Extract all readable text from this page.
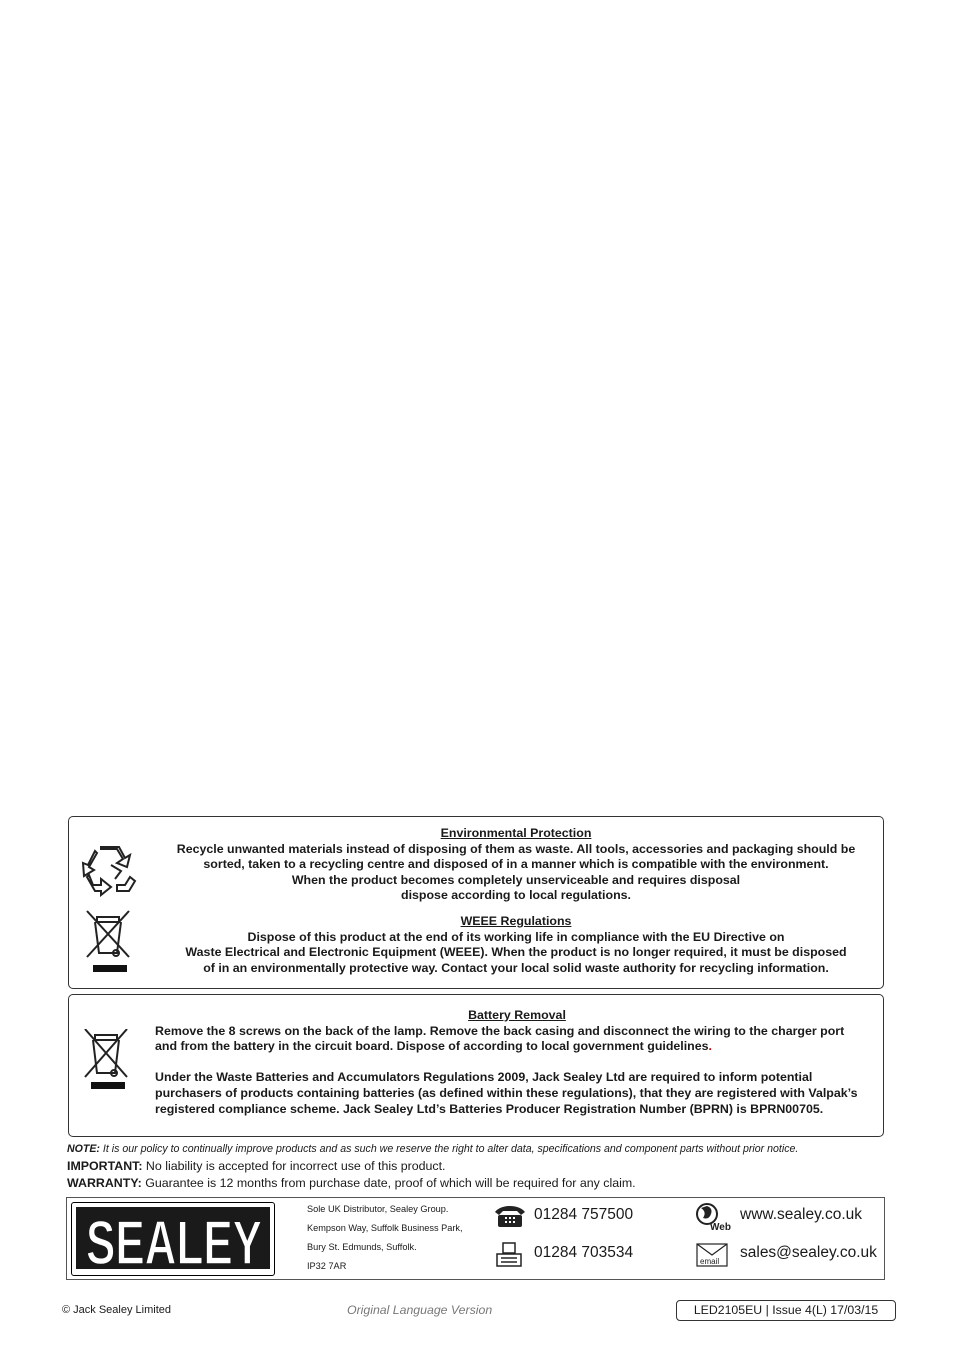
Environmental Protection

Recycle unwanted materials instead of disposing of them as waste. All tools, accessories and packaging should be

sorted, taken to a recycling centre and disposed of in a manner which is compatible with the environment.

When the product becomes completely unserviceable and requires disposal

dispose according to local regulations.

WEEE Regulations

Dispose of this product at the end of its working life in compliance with the EU Directive on

Waste Electrical and Electronic Equipment (WEEE). When the product is no longer required, it must be disposed

of in an environmentally protective way. Contact your local solid waste authority for recycling information.

Battery Removal

Remove the 8 screws on the back of the lamp. Remove the back casing and disconnect the wiring to the charger port

and from the battery in the circuit board. Dispose of according to local government guidelines.

Under the Waste Batteries and Accumulators Regulations 2009, Jack Sealey Ltd are required to inform potential

purchasers of products containing batteries (as defined within these regulations), that they are registered with Valpak’s

registered compliance scheme. Jack Sealey Ltd’s Batteries Producer Registration Number (BPRN) is BPRN00705.

NOTE: It is our policy to continually improve products and as such we reserve the right to alter data, specifications and component parts without prior notice.
IMPORTANT: No liability is accepted for incorrect use of this product.
WARRANTY: Guarantee is 12 months from purchase date, proof of which will be required for any claim.
SEALEY	Sole UK Distributor, Sealey Group.
Kempson Way, Suffolk Business Park,
Bury St. Edmunds, Suffolk.
IP32 7AR
01284 757500
01284 703534
Web
www.sealey.co.uk
email
sales@sealey.co.uk
© Jack Sealey Limited	Original Language Version	LED2105EU | Issue 4(L) 17/03/15
